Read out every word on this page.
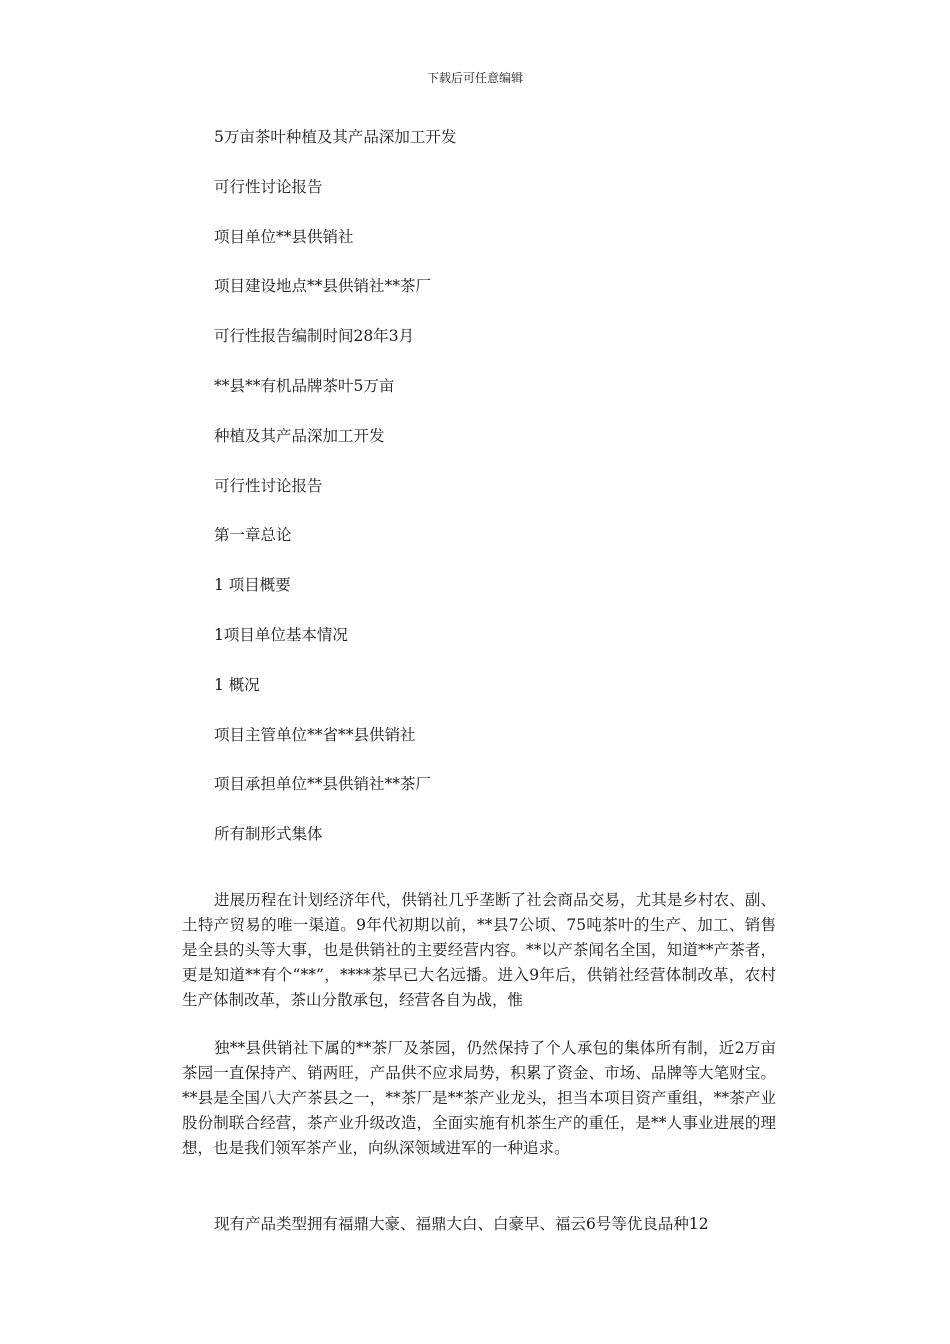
下载后可任意编辑
5万亩茶叶种植及其产品深加工开发
可行性讨论报告
项目单位**县供销社
项目建设地点**县供销社**茶厂
可行性报告编制时间28年3月
**县**有机品牌茶叶5万亩
种植及其产品深加工开发
可行性讨论报告
第一章总论
1 项目概要
1项目单位基本情况
1 概况
项目主管单位**省**县供销社
项目承担单位**县供销社**茶厂
所有制形式集体

进展历程在计划经济年代，供销社几乎垄断了社会商品交易，尤其是乡村农、副、土特产贸易的唯一渠道。9年代初期以前，**县7公顷、75吨茶叶的生产、加工、销售是全县的头等大事，也是供销社的主要经营内容。**以产茶闻名全国，知道**产茶者，更是知道**有个“**”，****茶早已大名远播。进入9年后，供销社经营体制改革，农村生产体制改革，茶山分散承包，经营各自为战，惟

独**县供销社下属的**茶厂及茶园，仍然保持了个人承包的集体所有制，近2万亩茶园一直保持产、销两旺，产品供不应求局势，积累了资金、市场、品牌等大笔财宝。**县是全国八大产茶县之一，**茶厂是**茶产业龙头，担当本项目资产重组，**茶产业股份制联合经营，茶产业升级改造，全面实施有机茶生产的重任，是**人事业进展的理想，也是我们领军茶产业，向纵深领域进军的一种追求。

现有产品类型拥有福鼎大豪、福鼎大白、白豪早、福云6号等优良品种12
